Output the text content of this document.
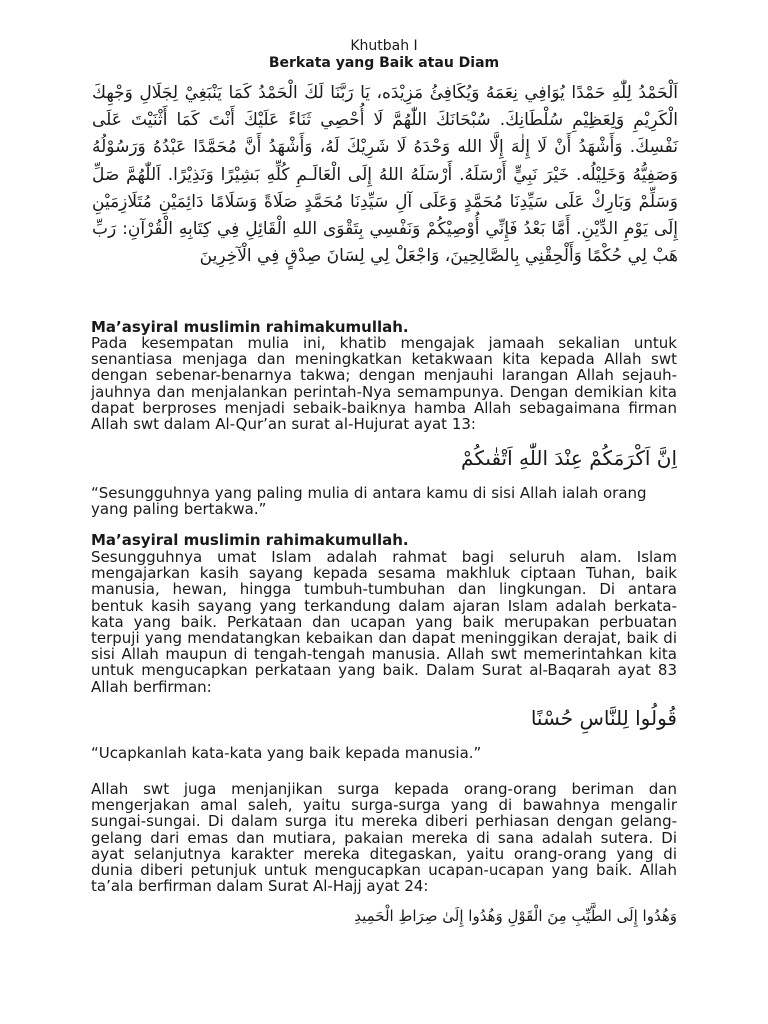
Khutbah I
Berkata yang Baik atau Diam
اَلْحَمْدُ لِلّٰهِ حَمْدًا يُوَافِي نِعَمَهُ وَيُكَافِئُ مَزِيْدَه، يَا رَبَّنَا لَكَ الْحَمْدُ كَمَا يَنْبَغِيْ لِجَلَالِ وَجْهِكَ الْكَرِيْمِ وَلِعَظِيْمِ سُلْطَانِكَ. سُبْحَانَكَ اللّٰهُمَّ لَا أُحْصِي ثَنَاءً عَلَيْكَ أَنْتَ كَمَا أَثْنَيْتَ عَلَى نَفْسِكَ. وَأَشْهَدُ أَنْ لَا إِلٰهَ إِلَّا الله وَحْدَهُ لَا شَرِيْكَ لَهُ، وَأَشْهَدُ أَنَّ مُحَمَّدًا عَبْدُهُ وَرَسُوْلُهُ وَصَفِيُّهُ وَخَلِيْلُه. خَيْرَ نَبِيٍّ أَرْسَلَهُ. أَرْسَلَهُ اللهُ إِلَى الْعَالَـمِ كُلِّهِ بَشِيْرًا وَنَذِيْرًا. اَللّٰهُمَّ صَلِّ وَسَلِّمْ وَبَارِكْ عَلَى سَيِّدِنَا مُحَمَّدٍ وَعَلَى آلِ سَيِّدِنَا مُحَمَّدٍ صَلَاةً وَسَلَامًا دَائِمَيْنِ مُتَلَازِمَيْنِ إِلَى يَوْمِ الدِّيْنِ. أَمَّا بَعْدُ فَإِنِّي أُوْصِيْكُمْ وَنَفْسِي بِتَقْوَى اللهِ الْقَائِلِ فِي كِتَابِهِ الْقُرْآنِ: رَبِّ هَبْ لِي حُكْمًا وَأَلْحِقْنِي بِالصَّالِحِينَ، وَاجْعَلْ لِي لِسَانَ صِدْقٍ فِي الْآخِرِينَ
Ma’asyiral muslimin rahimakumullah.
Pada kesempatan mulia ini, khatib mengajak jamaah sekalian untuk senantiasa menjaga dan meningkatkan ketakwaan kita kepada Allah swt dengan sebenar-benarnya takwa; dengan menjauhi larangan Allah sejauh-jauhnya dan menjalankan perintah-Nya semampunya. Dengan demikian kita dapat berproses menjadi sebaik-baiknya hamba Allah sebagaimana firman Allah swt dalam Al-Qur’an surat al-Hujurat ayat 13:
اِنَّ اَكْرَمَكُمْ عِنْدَ اللّٰهِ اَتْقٰىكُمْ
“Sesungguhnya yang paling mulia di antara kamu di sisi Allah ialah orang yang paling bertakwa.”
Ma’asyiral muslimin rahimakumullah.
Sesungguhnya umat Islam adalah rahmat bagi seluruh alam. Islam mengajarkan kasih sayang kepada sesama makhluk ciptaan Tuhan, baik manusia, hewan, hingga tumbuh-tumbuhan dan lingkungan. Di antara bentuk kasih sayang yang terkandung dalam ajaran Islam adalah berkata-kata yang baik. Perkataan dan ucapan yang baik merupakan perbuatan terpuji yang mendatangkan kebaikan dan dapat meninggikan derajat, baik di sisi Allah maupun di tengah-tengah manusia. Allah swt memerintahkan kita untuk mengucapkan perkataan yang baik. Dalam Surat al-Baqarah ayat 83 Allah berfirman:
قُولُوا لِلنَّاسِ حُسْنًا
“Ucapkanlah kata-kata yang baik kepada manusia.”
Allah swt juga menjanjikan surga kepada orang-orang beriman dan mengerjakan amal saleh, yaitu surga-surga yang di bawahnya mengalir sungai-sungai. Di dalam surga itu mereka diberi perhiasan dengan gelang-gelang dari emas dan mutiara, pakaian mereka di sana adalah sutera. Di ayat selanjutnya karakter mereka ditegaskan, yaitu orang-orang yang di dunia diberi petunjuk untuk mengucapkan ucapan-ucapan yang baik. Allah ta’ala berfirman dalam Surat Al-Hajj ayat 24:
وَهُدُوا إِلَى الطَّيِّبِ مِنَ الْقَوْلِ وَهُدُوا إِلَىٰ صِرَاطِ الْحَمِيدِ
